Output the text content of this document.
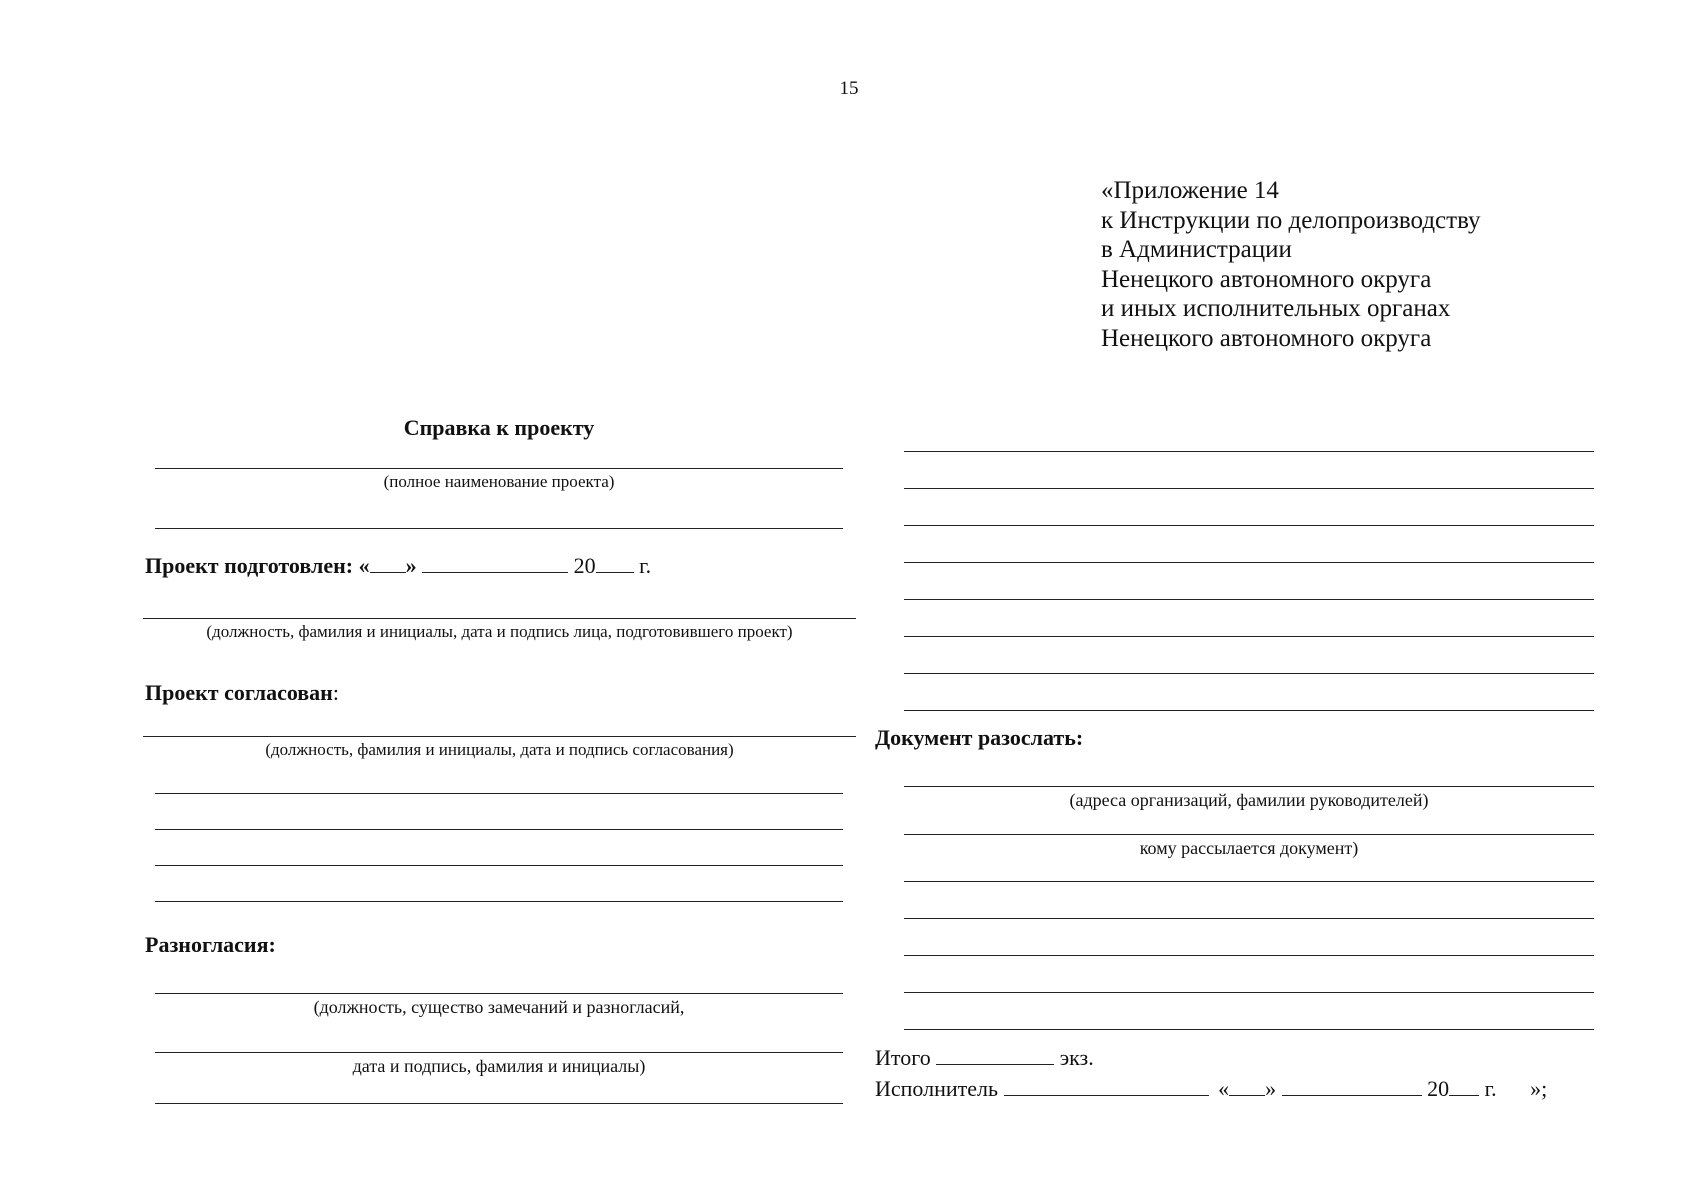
15
«Приложение 14
к Инструкции по делопроизводству
в Администрации
Ненецкого автономного округа
и иных исполнительных органах
Ненецкого автономного округа
Справка к проекту
(полное наименование проекта)
Проект подготовлен: « »	20 г.
(должность, фамилия и инициалы, дата и подпись лица, подготовившего проект)
Проект согласован:
(должность, фамилия и инициалы, дата и подпись согласования)
Разногласия:
(должность, существо замечаний и разногласий,
дата и подпись, фамилия и инициалы)
Документ разослать:
(адреса организаций, фамилии руководителей)
кому рассылается документ)
Итого	экз.
Исполнитель	« »	20 г. »;
